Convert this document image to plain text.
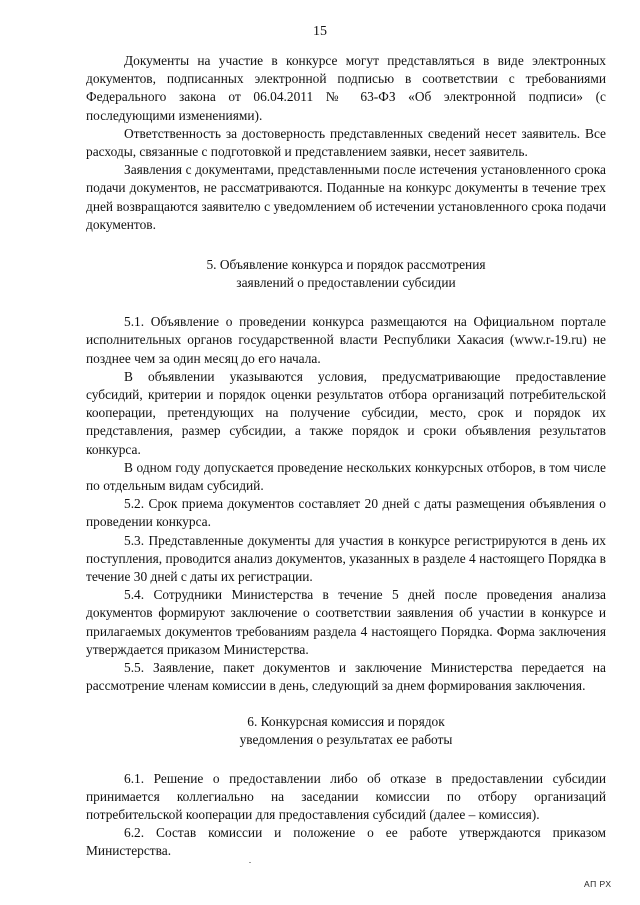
15

Документы на участие в конкурсе могут представляться в виде электронных документов, подписанных электронной подписью в соответствии с требованиями Федерального закона от 06.04.2011 № 63-ФЗ «Об электронной подписи» (с последующими изменениями).

Ответственность за достоверность представленных сведений несет заявитель. Все расходы, связанные с подготовкой и представлением заявки, несет заявитель.

Заявления с документами, представленными после истечения установленного срока подачи документов, не рассматриваются. Поданные на конкурс документы в течение трех дней возвращаются заявителю с уведомлением об истечении установленного срока подачи документов.

5. Объявление конкурса и порядок рассмотрения
заявлений о предоставлении субсидии

5.1. Объявление о проведении конкурса размещаются на Официальном портале исполнительных органов государственной власти Республики Хакасия (www.r-19.ru) не позднее чем за один месяц до его начала.

В объявлении указываются условия, предусматривающие предоставление субсидий, критерии и порядок оценки результатов отбора организаций потребительской кооперации, претендующих на получение субсидии, место, срок и порядок их представления, размер субсидии, а также порядок и сроки объявления результатов конкурса.

В одном году допускается проведение нескольких конкурсных отборов, в том числе по отдельным видам субсидий.

5.2. Срок приема документов составляет 20 дней с даты размещения объявления о проведении конкурса.

5.3. Представленные документы для участия в конкурсе регистрируются в день их поступления, проводится анализ документов, указанных в разделе 4 настоящего Порядка в течение 30 дней с даты их регистрации.

5.4. Сотрудники Министерства в течение 5 дней после проведения анализа документов формируют заключение о соответствии заявления об участии в конкурсе и прилагаемых документов требованиям раздела 4 настоящего Порядка. Форма заключения утверждается приказом Министерства.

5.5. Заявление, пакет документов и заключение Министерства передается на рассмотрение членам комиссии в день, следующий за днем формирования заключения.

6. Конкурсная комиссия и порядок
уведомления о результатах ее работы

6.1. Решение о предоставлении либо об отказе в предоставлении субсидии принимается коллегиально на заседании комиссии по отбору организаций потребительской кооперации для предоставления субсидий (далее – комиссия).

6.2. Состав комиссии и положение о ее работе утверждаются приказом Министерства.

АП РХ
